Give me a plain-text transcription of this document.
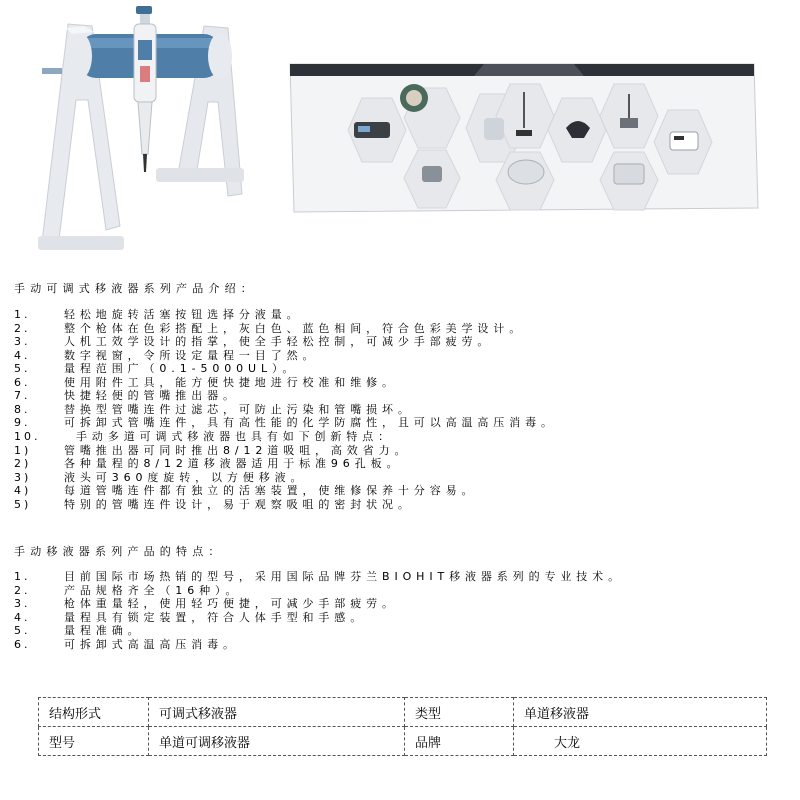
手动可调式移液器系列产品介绍：
1.	轻松地旋转活塞按钮选择分液量。
2.	整个枪体在色彩搭配上，灰白色、蓝色相间，符合色彩美学设计。
3.	人机工效学设计的指掌，使全手轻松控制，可减少手部疲劳。
4.	数字视窗，令所设定量程一目了然。
5.	量程范围广（0.1-5000UL）。
6.	使用附件工具，能方便快捷地进行校准和维修。
7.	快捷轻便的管嘴推出器。
8.	替换型管嘴连件过滤芯，可防止污染和管嘴损坏。
9.	可拆卸式管嘴连件，具有高性能的化学防腐性，且可以高温高压消毒。
10.	手动多道可调式移液器也具有如下创新特点：
1)	管嘴推出器可同时推出8/12道吸咀，高效省力。
2)	各种量程的8/12道移液器适用于标准96孔板。
3)	液头可360度旋转，以方便移液。
4)	每道管嘴连件都有独立的活塞装置，使维修保养十分容易。
5)	特别的管嘴连件设计，易于观察吸咀的密封状况。
手动移液器系列产品的特点：
1.	目前国际市场热销的型号，采用国际品牌芬兰BIOHIT移液器系列的专业技术。
2.	产品规格齐全（16种）。
3.	枪体重量轻，使用轻巧便捷，可减少手部疲劳。
4.	量程具有锁定装置，符合人体手型和手感。
5.	量程准确。
6.	可拆卸式高温高压消毒。
结构形式	可调式移液器	类型	单道移液器
型号	单道可调移液器	品牌	大龙
